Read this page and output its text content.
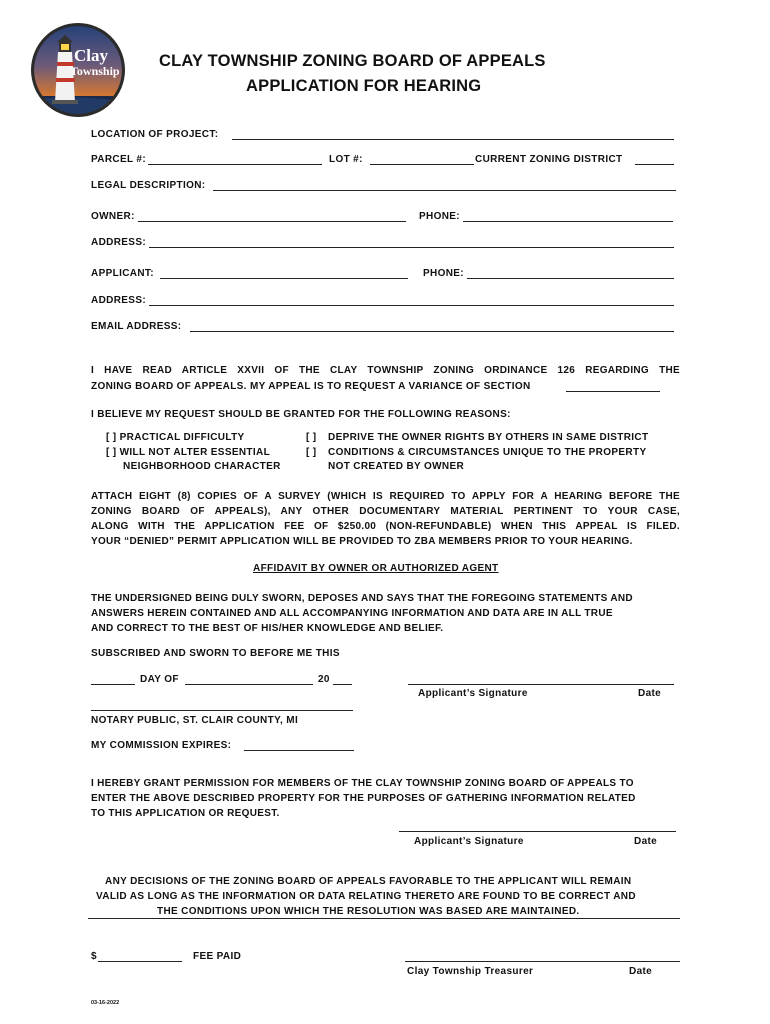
Clay
Township
CLAY TOWNSHIP ZONING BOARD OF APPEALS
APPLICATION FOR HEARING
LOCATION OF PROJECT:
PARCEL #:	LOT #:	CURRENT ZONING DISTRICT
LEGAL DESCRIPTION:
OWNER:	PHONE:
ADDRESS:
APPLICANT:	PHONE:
ADDRESS:
EMAIL ADDRESS:
I HAVE READ ARTICLE XXVII OF THE CLAY TOWNSHIP ZONING ORDINANCE 126 REGARDING THE
ZONING BOARD OF APPEALS. MY APPEAL IS TO REQUEST A VARIANCE OF SECTION
I BELIEVE MY REQUEST SHOULD BE GRANTED FOR THE FOLLOWING REASONS:
[ ] PRACTICAL DIFFICULTY
[ ] WILL NOT ALTER ESSENTIAL
NEIGHBORHOOD CHARACTER
[ ] DEPRIVE THE OWNER RIGHTS BY OTHERS IN SAME DISTRICT
[ ] CONDITIONS & CIRCUMSTANCES UNIQUE TO THE PROPERTY
NOT CREATED BY OWNER
ATTACH EIGHT (8) COPIES OF A SURVEY (WHICH IS REQUIRED TO APPLY FOR A HEARING BEFORE THE
ZONING BOARD OF APPEALS), ANY OTHER DOCUMENTARY MATERIAL PERTINENT TO YOUR CASE,
ALONG WITH THE APPLICATION FEE OF $250.00 (NON-REFUNDABLE) WHEN THIS APPEAL IS FILED.
YOUR “DENIED” PERMIT APPLICATION WILL BE PROVIDED TO ZBA MEMBERS PRIOR TO YOUR HEARING.
AFFIDAVIT BY OWNER OR AUTHORIZED AGENT
THE UNDERSIGNED BEING DULY SWORN, DEPOSES AND SAYS THAT THE FOREGOING STATEMENTS AND
ANSWERS HEREIN CONTAINED AND ALL ACCOMPANYING INFORMATION AND DATA ARE IN ALL TRUE
AND CORRECT TO THE BEST OF HIS/HER KNOWLEDGE AND BELIEF.
SUBSCRIBED AND SWORN TO BEFORE ME THIS
DAY OF	20
Applicant’s Signature	Date
NOTARY PUBLIC, ST. CLAIR COUNTY, MI
MY COMMISSION EXPIRES:
I HEREBY GRANT PERMISSION FOR MEMBERS OF THE CLAY TOWNSHIP ZONING BOARD OF APPEALS TO
ENTER THE ABOVE DESCRIBED PROPERTY FOR THE PURPOSES OF GATHERING INFORMATION RELATED
TO THIS APPLICATION OR REQUEST.
Applicant’s Signature	Date
ANY DECISIONS OF THE ZONING BOARD OF APPEALS FAVORABLE TO THE APPLICANT WILL REMAIN
VALID AS LONG AS THE INFORMATION OR DATA RELATING THERETO ARE FOUND TO BE CORRECT AND
THE CONDITIONS UPON WHICH THE RESOLUTION WAS BASED ARE MAINTAINED.
$	FEE PAID
Clay Township Treasurer	Date
03-16-2022
